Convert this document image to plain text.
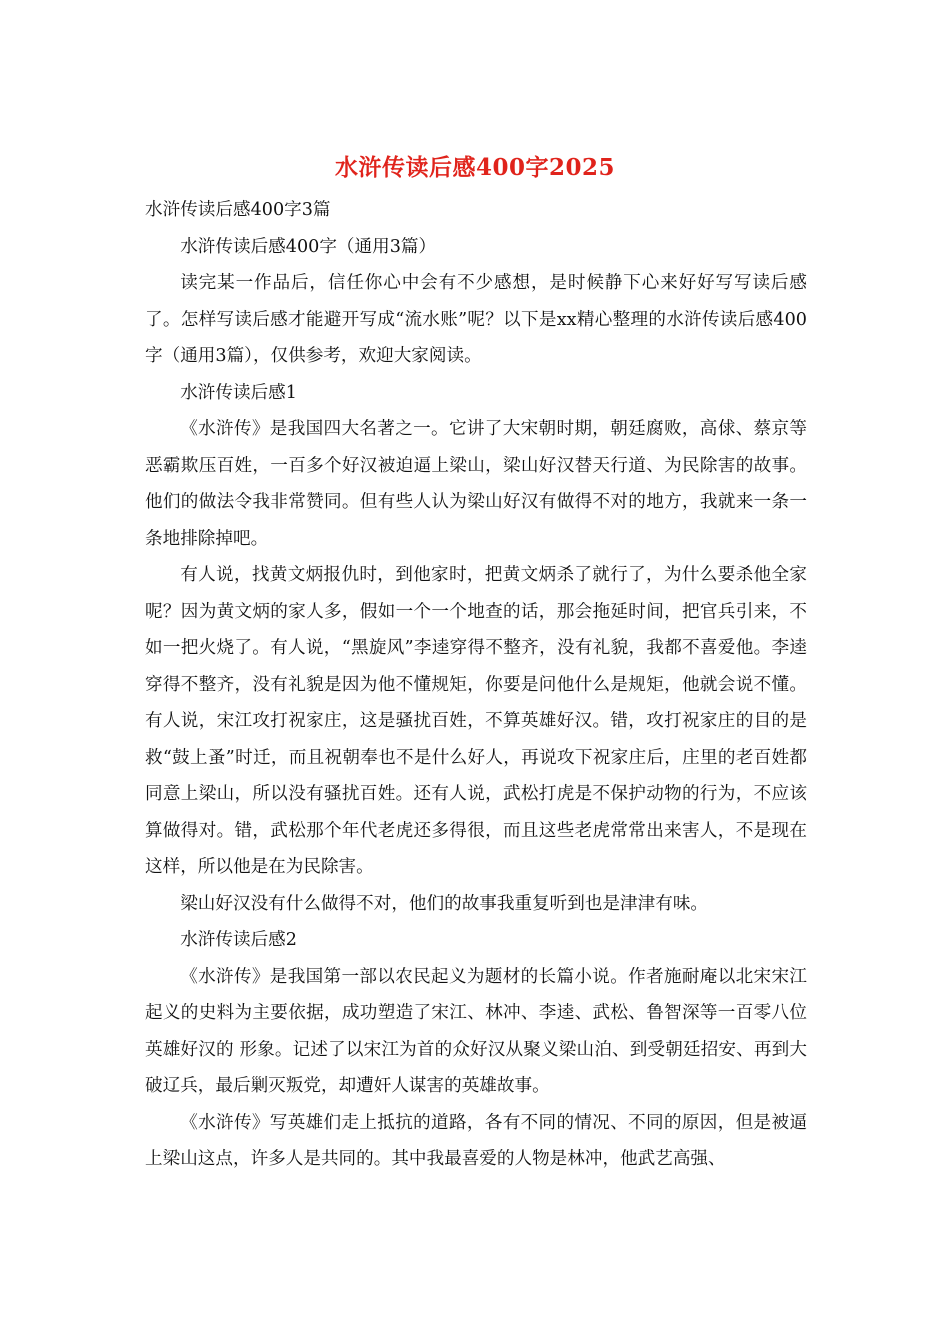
水浒传读后感400字2025

水浒传读后感400字3篇

水浒传读后感400字（通用3篇）

读完某一作品后，信任你心中会有不少感想，是时候静下心来好好写写读后感了。怎样写读后感才能避开写成“流水账”呢？以下是xx精心整理的水浒传读后感400字（通用3篇），仅供参考，欢迎大家阅读。

水浒传读后感1

《水浒传》是我国四大名著之一。它讲了大宋朝时期，朝廷腐败，高俅、蔡京等恶霸欺压百姓，一百多个好汉被迫逼上梁山，梁山好汉替天行道、为民除害的故事。他们的做法令我非常赞同。但有些人认为梁山好汉有做得不对的地方，我就来一条一条地排除掉吧。

有人说，找黄文炳报仇时，到他家时，把黄文炳杀了就行了，为什么要杀他全家呢？因为黄文炳的家人多，假如一个一个地查的话，那会拖延时间，把官兵引来，不如一把火烧了。有人说，“黑旋风”李逵穿得不整齐，没有礼貌，我都不喜爱他。李逵穿得不整齐，没有礼貌是因为他不懂规矩，你要是问他什么是规矩，他就会说不懂。有人说，宋江攻打祝家庄，这是骚扰百姓，不算英雄好汉。错，攻打祝家庄的目的是救“鼓上蚤”时迁，而且祝朝奉也不是什么好人，再说攻下祝家庄后，庄里的老百姓都同意上梁山，所以没有骚扰百姓。还有人说，武松打虎是不保护动物的行为，不应该算做得对。错，武松那个年代老虎还多得很，而且这些老虎常常出来害人，不是现在这样，所以他是在为民除害。

梁山好汉没有什么做得不对，他们的故事我重复听到也是津津有味。

水浒传读后感2

《水浒传》是我国第一部以农民起义为题材的长篇小说。作者施耐庵以北宋宋江起义的史料为主要依据，成功塑造了宋江、林冲、李逵、武松、鲁智深等一百零八位英雄好汉的 形象。记述了以宋江为首的众好汉从聚义梁山泊、到受朝廷招安、再到大破辽兵，最后剿灭叛党，却遭奸人谋害的英雄故事。

《水浒传》写英雄们走上抵抗的道路，各有不同的情况、不同的原因，但是被逼上梁山这点，许多人是共同的。其中我最喜爱的人物是林冲，他武艺高强、
